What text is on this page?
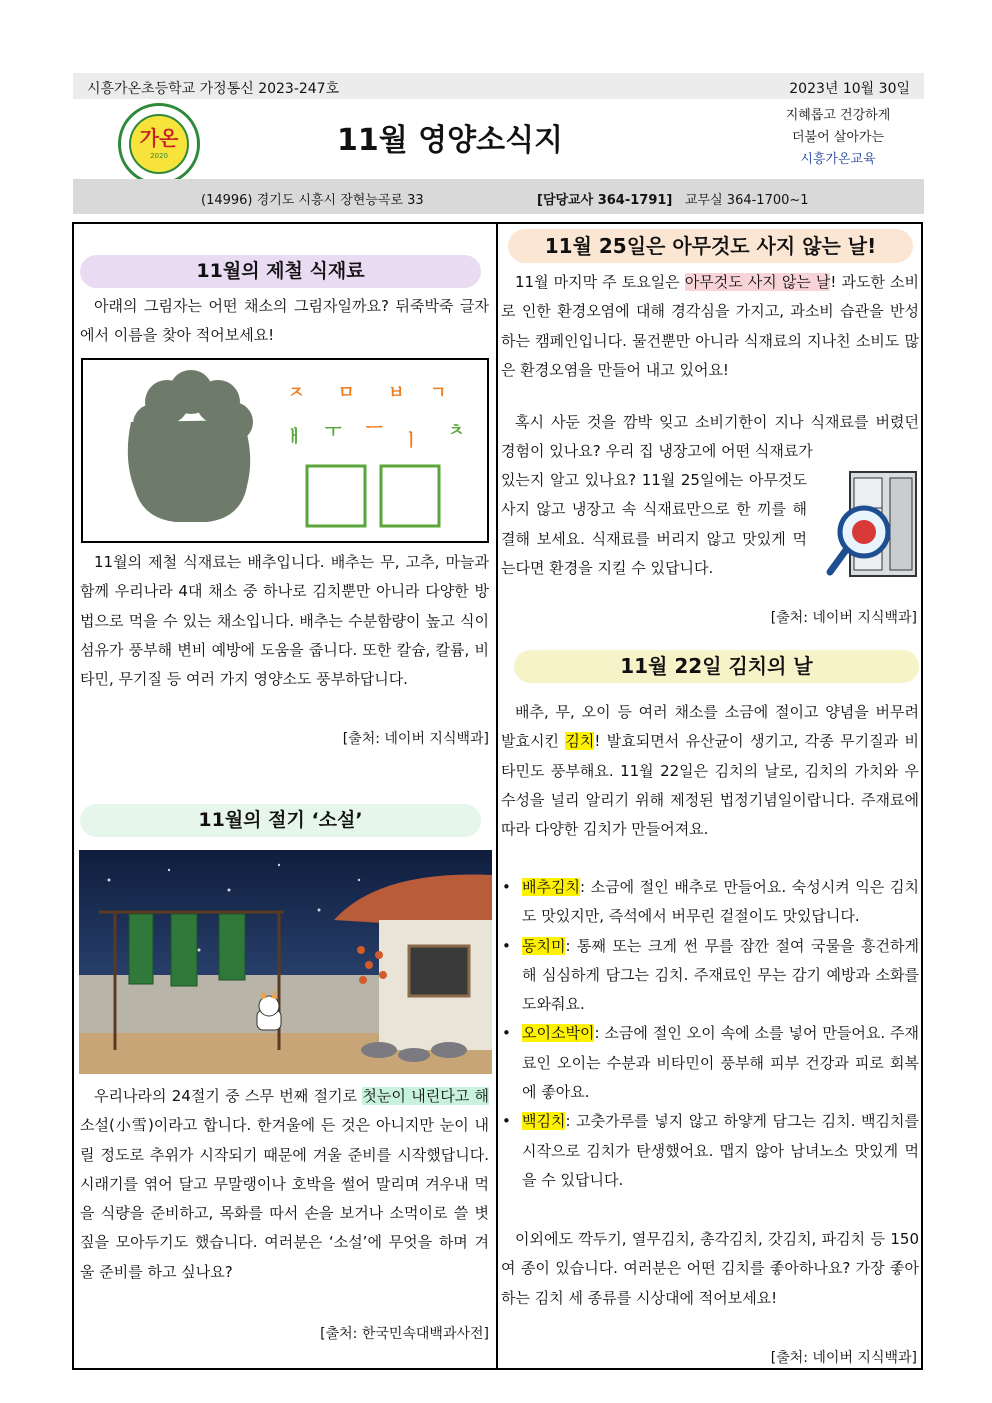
시흥가온초등학교 가정통신 2023-247호	2023년 10월 30일
가온
2020	11월 영양소식지
지혜롭고 건강하게
더불어 살아가는
시흥가온교육
(14996) 경기도 시흥시 장현능곡로 33	[담당교사 364-1791] 교무실 364-1700~1
11월의 제철 식재료
아래의 그림자는 어떤 채소의 그림자일까요? 뒤죽박죽 글자에서 이름을 찾아 적어보세요!
ㅈ ㅁ ㅂ ㄱ
ㅐ ㅜ ㅡ
ㅣ ㅊ
11월의 제철 식재료는 배추입니다. 배추는 무, 고추, 마늘과 함께 우리나라 4대 채소 중 하나로 김치뿐만 아니라 다양한 방법으로 먹을 수 있는 채소입니다. 배추는 수분함량이 높고 식이섬유가 풍부해 변비 예방에 도움을 줍니다. 또한 칼슘, 칼륨, 비타민, 무기질 등 여러 가지 영양소도 풍부하답니다.
[출처: 네이버 지식백과]
11월의 절기 ‘소설’
우리나라의 24절기 중 스무 번째 절기로 첫눈이 내린다고 해 소설(小雪)이라고 합니다. 한겨울에 든 것은 아니지만 눈이 내릴 정도로 추위가 시작되기 때문에 겨울 준비를 시작했답니다. 시래기를 엮어 달고 무말랭이나 호박을 썰어 말리며 겨우내 먹을 식량을 준비하고, 목화를 따서 손을 보거나 소먹이로 쓸 볏짚을 모아두기도 했습니다. 여러분은 ‘소설’에 무엇을 하며 겨울 준비를 하고 싶나요?
[출처: 한국민속대백과사전]
11월 25일은 아무것도 사지 않는 날!
11월 마지막 주 토요일은 아무것도 사지 않는 날! 과도한 소비로 인한 환경오염에 대해 경각심을 가지고, 과소비 습관을 반성하는 캠페인입니다. 물건뿐만 아니라 식재료의 지나친 소비도 많은 환경오염을 만들어 내고 있어요!
혹시 사둔 것을 깜박 잊고 소비기한이 지나 식재료를 버렸던 경험이 있나요? 우리 집 냉장고에 어떤 식재료가
있는지 알고 있나요? 11월 25일에는 아무것도 사지 않고 냉장고 속 식재료만으로 한 끼를 해결해 보세요. 식재료를 버리지 않고 맛있게 먹는다면 환경을 지킬 수 있답니다.
[출처: 네이버 지식백과]
11월 22일 김치의 날
배추, 무, 오이 등 여러 채소를 소금에 절이고 양념을 버무려 발효시킨 김치! 발효되면서 유산균이 생기고, 각종 무기질과 비타민도 풍부해요. 11월 22일은 김치의 날로, 김치의 가치와 우수성을 널리 알리기 위해 제정된 법정기념일이랍니다. 주재료에 따라 다양한 김치가 만들어져요.
• 배추김치: 소금에 절인 배추로 만들어요. 숙성시켜 익은 김치도 맛있지만, 즉석에서 버무린 겉절이도 맛있답니다.
• 동치미: 통째 또는 크게 썬 무를 잠깐 절여 국물을 흥건하게 해 심심하게 담그는 김치. 주재료인 무는 감기 예방과 소화를 도와줘요.
• 오이소박이: 소금에 절인 오이 속에 소를 넣어 만들어요. 주재료인 오이는 수분과 비타민이 풍부해 피부 건강과 피로 회복에 좋아요.
• 백김치: 고춧가루를 넣지 않고 하얗게 담그는 김치. 백김치를 시작으로 김치가 탄생했어요. 맵지 않아 남녀노소 맛있게 먹을 수 있답니다.
이외에도 깍두기, 열무김치, 총각김치, 갓김치, 파김치 등 150여 종이 있습니다. 여러분은 어떤 김치를 좋아하나요? 가장 좋아하는 김치 세 종류를 시상대에 적어보세요!
[출처: 네이버 지식백과]
